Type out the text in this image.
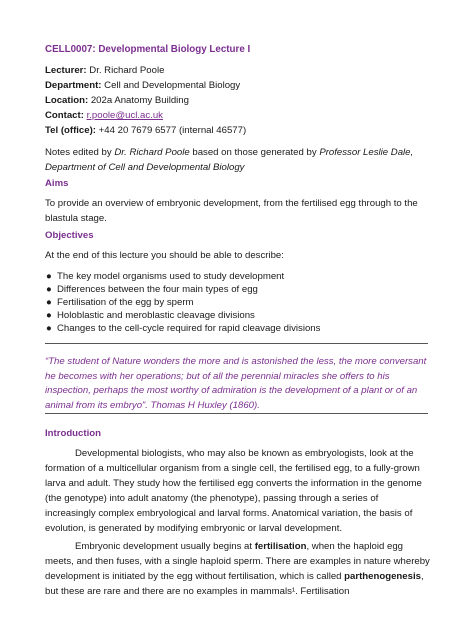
CELL0007: Developmental Biology Lecture I

Lecturer: Dr. Richard Poole
Department: Cell and Developmental Biology
Location: 202a Anatomy Building
Contact: r.poole@ucl.ac.uk
Tel (office): +44 20 7679 6577 (internal 46577)
Notes edited by Dr. Richard Poole based on those generated by Professor Leslie Dale, Department of Cell and Developmental Biology

Aims

To provide an overview of embryonic development, from the fertilised egg through to the blastula stage.

Objectives

At the end of this lecture you should be able to describe:

● The key model organisms used to study development
● Differences between the four main types of egg
● Fertilisation of the egg by sperm
● Holoblastic and meroblastic cleavage divisions
● Changes to the cell-cycle required for rapid cleavage divisions

“The student of Nature wonders the more and is astonished the less, the more conversant he becomes with her operations; but of all the perennial miracles she offers to his inspection, perhaps the most worthy of admiration is the development of a plant or of an animal from its embryo”. Thomas H Huxley (1860).

Introduction

Developmental biologists, who may also be known as embryologists, look at the formation of a multicellular organism from a single cell, the fertilised egg, to a fully-grown larva and adult. They study how the fertilised egg converts the information in the genome (the genotype) into adult anatomy (the phenotype), passing through a series of increasingly complex embryological and larval forms. Anatomical variation, the basis of evolution, is generated by modifying embryonic or larval development.

Embryonic development usually begins at fertilisation, when the haploid egg meets, and then fuses, with a single haploid sperm. There are examples in nature whereby development is initiated by the egg without fertilisation, which is called parthenogenesis, but these are rare and there are no examples in mammals¹. Fertilisation
